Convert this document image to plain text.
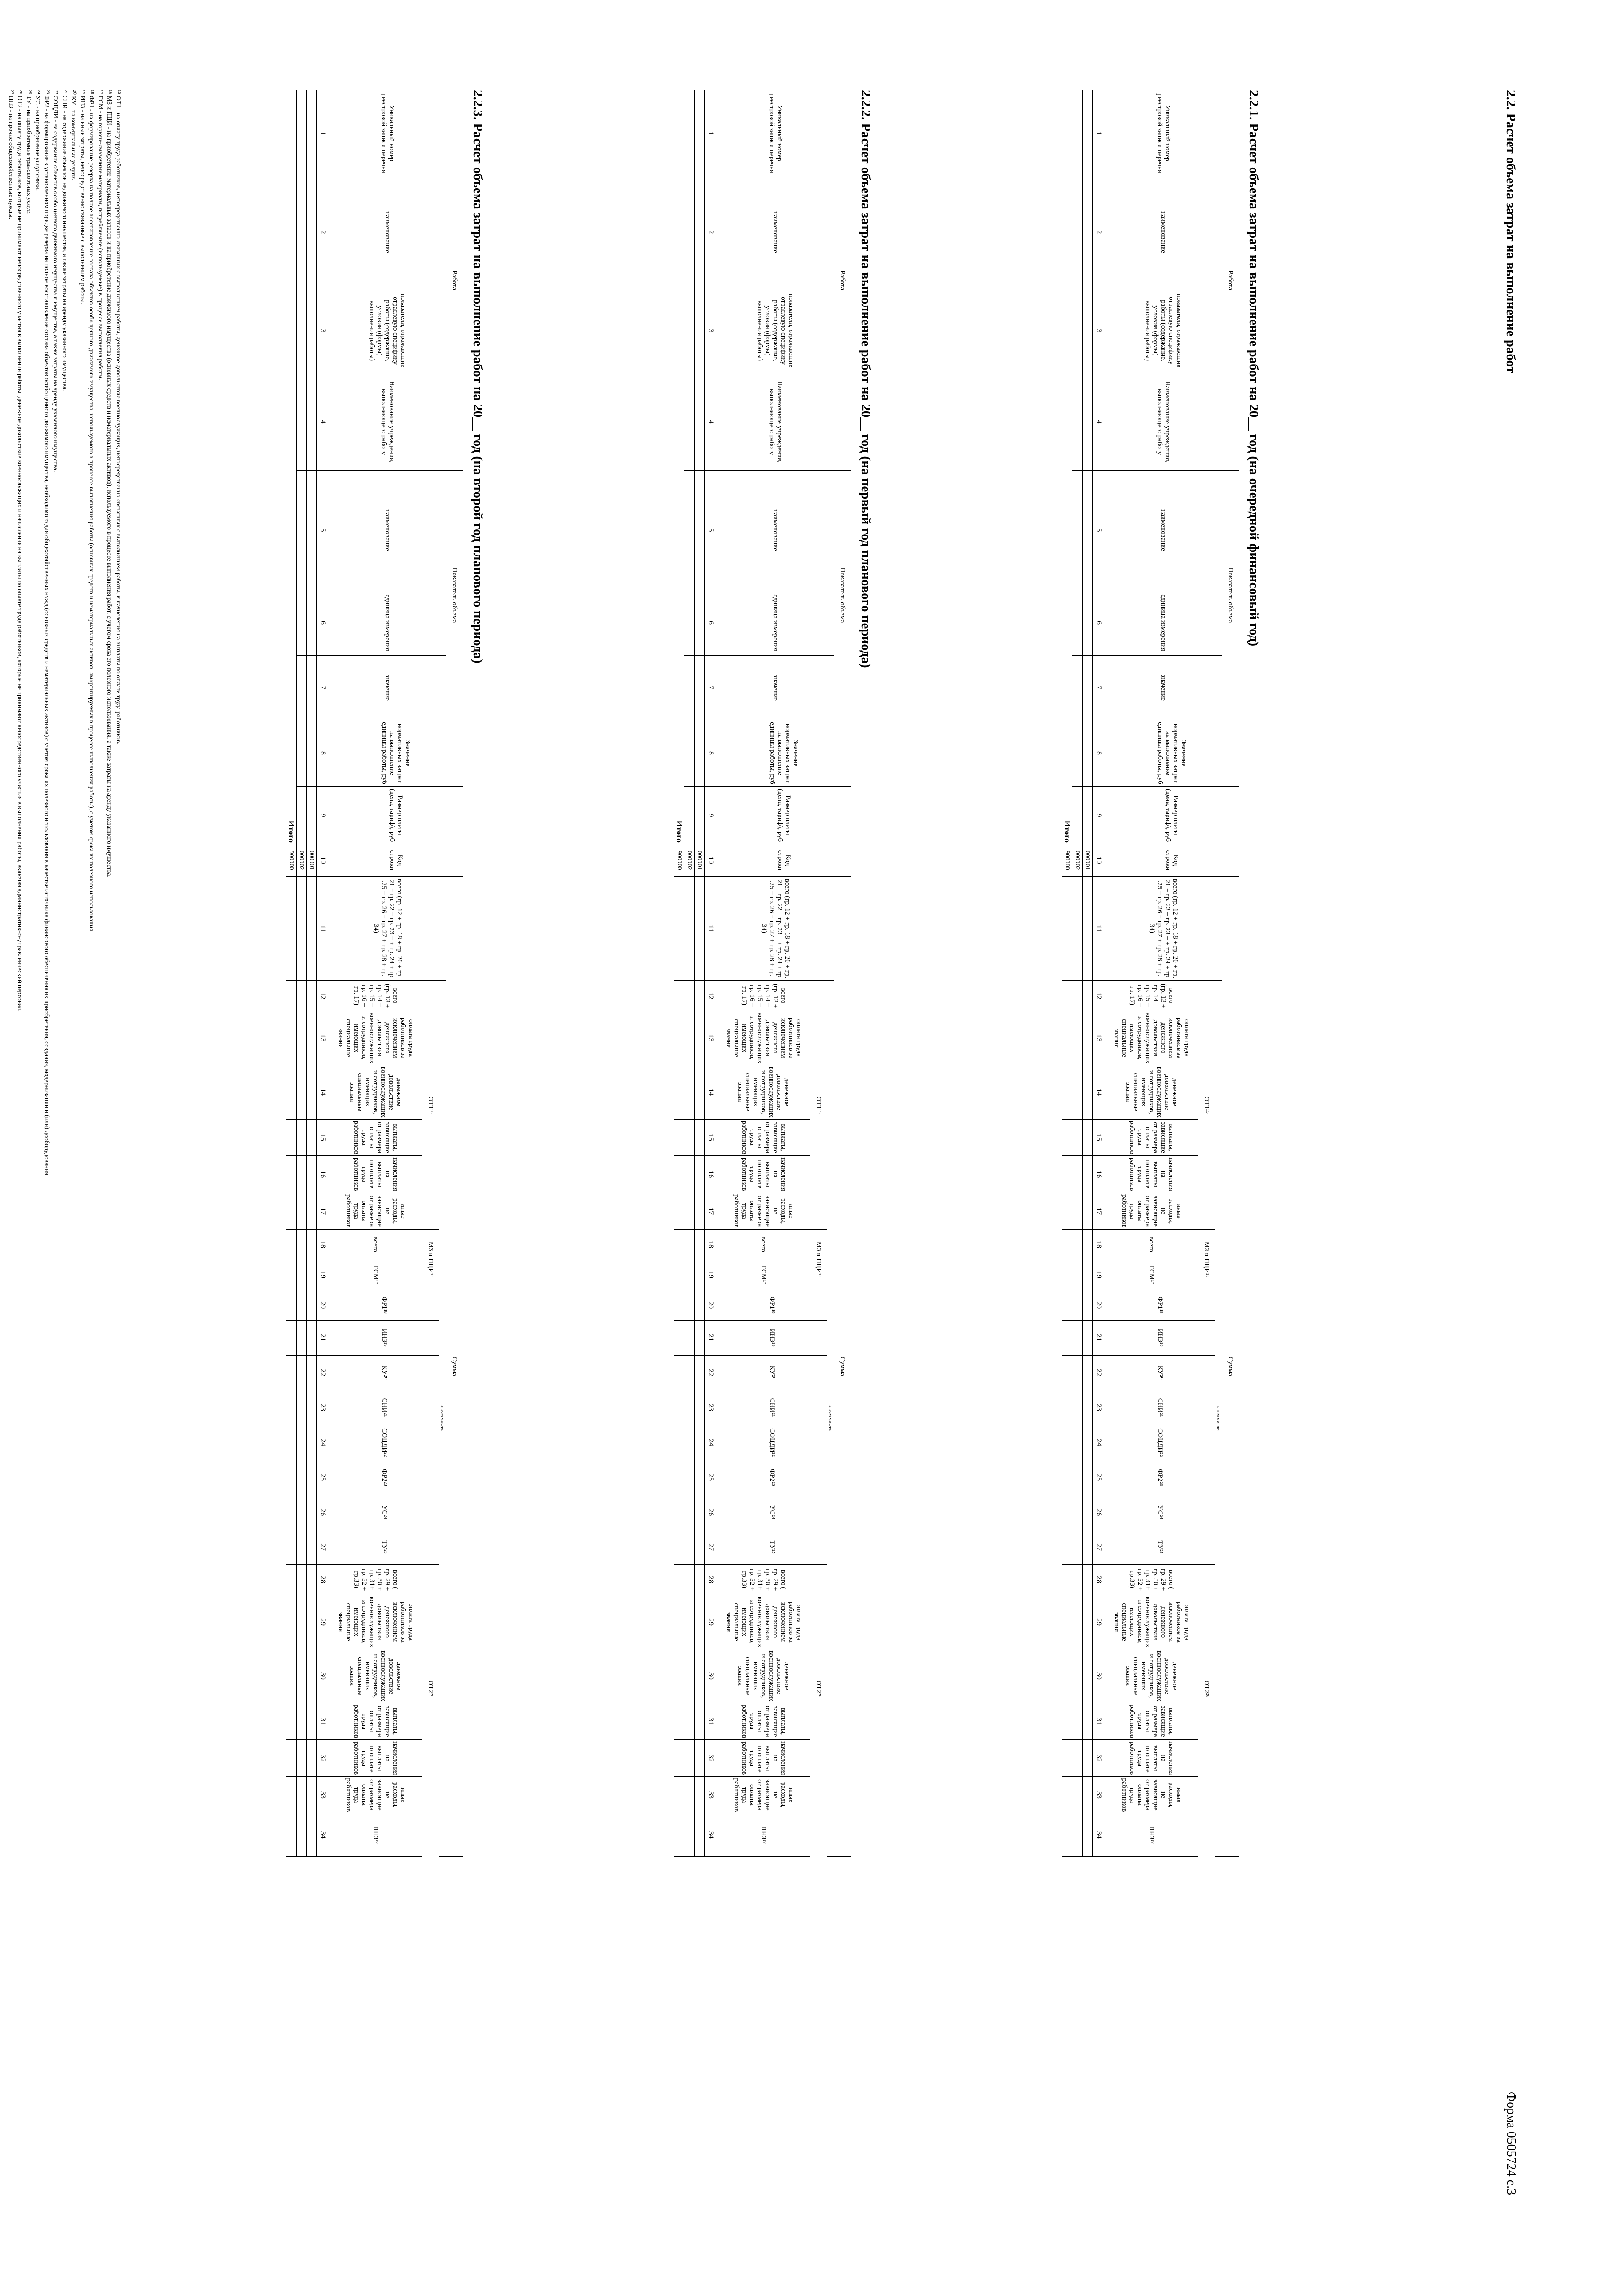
Форма 0505724 с.3
2.2. Расчет объема затрат на выполнение работ
¹⁵ ОТ1 - на оплату труда работников, непосредственно связанных с выполнением работы, денежное довольствие военнослужащих, непосредственно связанных с выполнением работы, и начисления на выплаты по оплате труда работников.
¹⁶ МЗ и ПЦИ - на приобретение материальных запасов и на приобретение движимого имущества (основных средств и нематериальных активов), используемого в процессе выполнения работ, с учетом срока его полезного использования, а также затраты на аренду указанного имущества.
¹⁷ ГСМ - на горюче-смазочные материалы, потребляемые (используемые) в процессе выполнения работы.
¹⁸ ФР1 - на формирование резерва на полное восстановление состава объектов особо ценного движимого имущества, используемого в процессе выполнения работы (основных средств и нематериальных активов, амортизируемых в процессе выполнения работы), с учетом срока их полезного использования.
¹⁹ ИНЗ - на иные затраты, непосредственно связанные с выполнением работы.
²⁰ КУ - на коммунальные услуги.
²¹ СНИ - на содержание объектов недвижимого имущества, а также затраты на аренду указанного имущества.
²² СОЦДИ - на содержание объектов особо ценного движимого имущества и имущества, а также затраты на аренду указанного имущества.
²³ ФР2 - на формирование в установленном порядке резерва на полное восстановление состава объектов особо ценного движимого имущества, необходимого для общехозяйственных нужд (основных средств и нематериальных активов) с учетом срока их полезного использования в качестве источника финансового обеспечения их приобретения, создания, модернизации и (или) дооборудования.
²⁴ УС - на приобретение услуг связи.
²⁵ ТУ - на приобретение транспортных услуг.
²⁶ ОТ2 - на оплату труда работников, которые не принимают непосредственного участия в выполнении работы, денежное довольствие военнослужащих и начисления на выплаты по оплате труда работников, которые не принимают непосредственного участия в выполнении работы, включая административно-управленческий персонал.
²⁷ ПНЗ - на прочие общехозяйственные нужды.	2.2.1. Расчет объема затрат на выполнение работ на 20__ год (на очередной финансовый год)
Работа				Показатель объема			Значение нормативных затрат на выполнение единицы работы, руб	Размер платы (цена, тариф), руб	Код строки	Сумма																							
Уникальный номер реестровой записи перечня	наименование	показатели, отражающие отраслевую специфику работы (содержание, условия (формы) выполнения работы)	Наименование учреждения, выполняющего работу	наименование	единица измерения	значение				всего (гр. 12 + гр. 18 + гр. 20 + гр. 21 + гр. 22 + гр. 23 + + гр. 24 + гр .25 + гр. 26 + гр. 27 + гр. 28 + гр. 34)	в том числе:																						
											ОТ1¹⁵						МЗ и ПЦИ¹⁶		ФР1¹⁸	ИНЗ¹⁹	КУ²⁰	СНИ²¹	СОЦДИ²²	ФР2²³	УС²⁴	ТУ²⁵	ОТ2²⁶						
											всего (гр. 13 + гр. 14 + гр. 15 + гр. 16 + гр. 17)	оплата труда работников за исключением денежного довольствия военнослужащих и сотрудников, имеющих специальные звания	денежное довольствие военнослужащих и сотрудников, имеющих специальные звания	выплаты, зависящие от размера оплаты труда работников	начисления на выплаты по оплате труда работников	иные расходы, не зависящие от размера оплаты труда работников	всего	ГСМ¹⁷									всего ( гр. 29 + гр. 30 + гр. 31+ гр. 32 + гр.33)	оплата труда работников за исключением денежного довольствия военнослужащих и сотрудников, имеющих специальные звания	денежное довольствие военнослужащих и сотрудников, имеющих специальные звания	выплаты, зависящие от размера оплаты труда работников	начисления на выплаты по оплате труда работников	иные расходы, не зависящие от размера оплаты труда работников	ПНЗ²⁷
1	2	3	4	5	6	7	8	9	10	11	12	13	14	15	16	17	18	19	20	21	22	23	24	25	26	27	28	29	30	31	32	33	34
									000001																								
									000002																								
Итого									900000																								
2.2.2. Расчет объема затрат на выполнение работ на 20__ год (на первый год планового периода)
Работа				Показатель объема			Значение нормативных затрат на выполнение единицы работы, руб	Размер платы (цена, тариф), руб	Код строки	Сумма																							
Уникальный номер реестровой записи перечня	наименование	показатели, отражающие отраслевую специфику работы (содержание, условия (формы) выполнения работы)	Наименование учреждения, выполняющего работу	наименование	единица измерения	значение				всего (гр. 12 + гр. 18 + гр. 20 + гр. 21 + гр. 22 + гр. 23 + + гр. 24 + гр .25 + гр. 26 + гр. 27 + гр. 28 + гр. 34)	в том числе:																						
											ОТ1¹⁵						МЗ и ПЦИ¹⁶		ФР1¹⁸	ИНЗ¹⁹	КУ²⁰	СНИ²¹	СОЦДИ²²	ФР2²³	УС²⁴	ТУ²⁵	ОТ2²⁶						
											всего (гр. 13 + гр. 14 + гр. 15 + гр. 16 + гр. 17)	оплата труда работников за исключением денежного довольствия военнослужащих и сотрудников, имеющих специальные звания	денежное довольствие военнослужащих и сотрудников, имеющих специальные звания	выплаты, зависящие от размера оплаты труда работников	начисления на выплаты по оплате труда работников	иные расходы, не зависящие от размера оплаты труда работников	всего	ГСМ¹⁷									всего ( гр. 29 + гр. 30 + гр. 31+ гр. 32 + гр.33)	оплата труда работников за исключением денежного довольствия военнослужащих и сотрудников, имеющих специальные звания	денежное довольствие военнослужащих и сотрудников, имеющих специальные звания	выплаты, зависящие от размера оплаты труда работников	начисления на выплаты по оплате труда работников	иные расходы, не зависящие от размера оплаты труда работников	ПНЗ²⁷
1	2	3	4	5	6	7	8	9	10	11	12	13	14	15	16	17	18	19	20	21	22	23	24	25	26	27	28	29	30	31	32	33	34
									000001																								
									000002																								
Итого									900000																								
2.2.3. Расчет объема затрат на выполнение работ на 20__ год (на второй год планового периода)
Работа				Показатель объема			Значение нормативных затрат на выполнение единицы работы, руб	Размер платы (цена, тариф), руб	Код строки	Сумма																							
Уникальный номер реестровой записи перечня	наименование	показатели, отражающие отраслевую специфику работы (содержание, условия (формы) выполнения работы)	Наименование учреждения, выполняющего работу	наименование	единица измерения	значение				всего (гр. 12 + гр. 18 + гр. 20 + гр. 21 + гр. 22 + гр. 23 + + гр. 24 + гр .25 + гр. 26 + гр. 27 + гр. 28 + гр. 34)	в том числе:																						
											ОТ1¹⁵						МЗ и ПЦИ¹⁶		ФР1¹⁸	ИНЗ¹⁹	КУ²⁰	СНИ²¹	СОЦДИ²²	ФР2²³	УС²⁴	ТУ²⁵	ОТ2²⁶						
											всего (гр. 13 + гр. 14 + гр. 15 + гр. 16 + гр. 17)	оплата труда работников за исключением денежного довольствия военнослужащих и сотрудников, имеющих специальные звания	денежное довольствие военнослужащих и сотрудников, имеющих специальные звания	выплаты, зависящие от размера оплаты труда работников	начисления на выплаты по оплате труда работников	иные расходы, не зависящие от размера оплаты труда работников	всего	ГСМ¹⁷									всего ( гр. 29 + гр. 30 + гр. 31+ гр. 32 + гр.33)	оплата труда работников за исключением денежного довольствия военнослужащих и сотрудников, имеющих специальные звания	денежное довольствие военнослужащих и сотрудников, имеющих специальные звания	выплаты, зависящие от размера оплаты труда работников	начисления на выплаты по оплате труда работников	иные расходы, не зависящие от размера оплаты труда работников	ПНЗ²⁷
1	2	3	4	5	6	7	8	9	10	11	12	13	14	15	16	17	18	19	20	21	22	23	24	25	26	27	28	29	30	31	32	33	34
									000001																								
									000002																								
Итого									900000																								
